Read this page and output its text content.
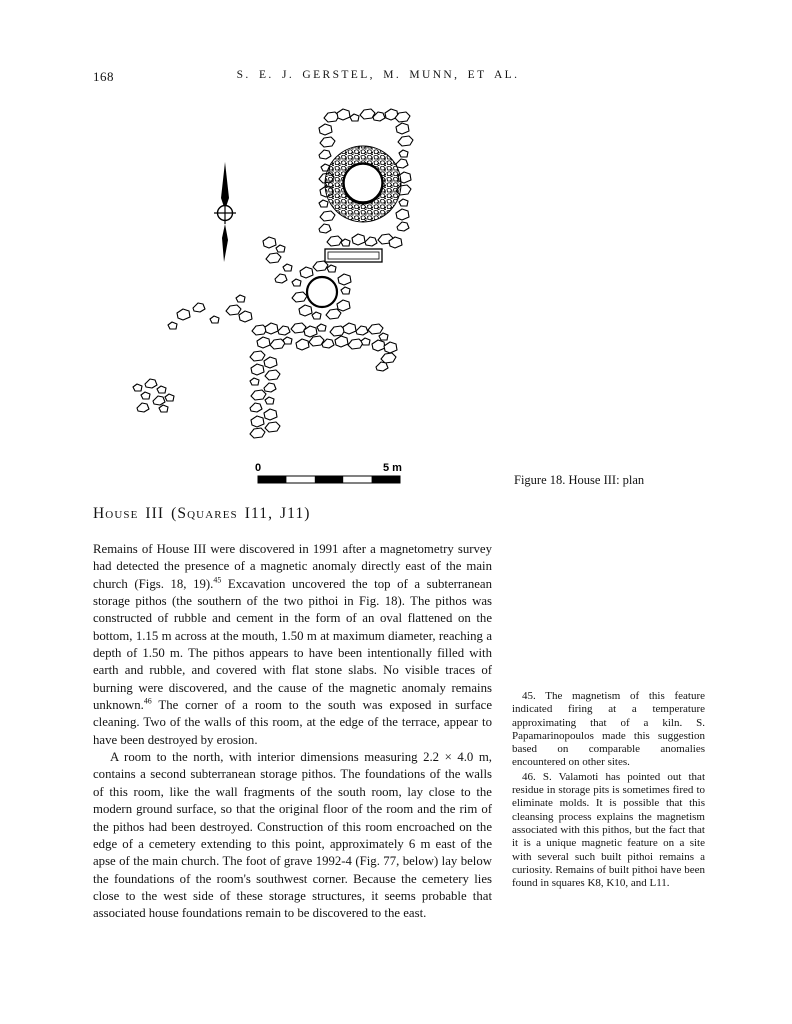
168	S. E. J. GERSTEL, M. MUNN, ET AL.
0	5 m
Figure 18. House III: plan
House III (Squares I11, J11)

Remains of House III were discovered in 1991 after a magnetometry survey had detected the presence of a magnetic anomaly directly east of the main church (Figs. 18, 19).$^{45}$ Excavation uncovered the top of a subterranean storage pithos (the southern of the two pithoi in Fig. 18). The pithos was constructed of rubble and cement in the form of an oval flattened on the bottom, 1.15 m across at the mouth, 1.50 m at maximum diameter, reaching a depth of 1.50 m. The pithos appears to have been intentionally filled with earth and rubble, and covered with flat stone slabs. No visible traces of burning were discovered, and the cause of the magnetic anomaly remains unknown.$^{46}$ The corner of a room to the south was exposed in surface cleaning. Two of the walls of this room, at the edge of the terrace, appear to have been destroyed by erosion.

A room to the north, with interior dimensions measuring 2.2 × 4.0 m, contains a second subterranean storage pithos. The foundations of the walls of this room, like the wall fragments of the south room, lay close to the modern ground surface, so that the original floor of the room and the rim of the pithos had been destroyed. Construction of this room encroached on the edge of a cemetery extending to this point, approximately 6 m east of the apse of the main church. The foot of grave 1992-4 (Fig. 77, below) lay below the foundations of the room's southwest corner. Because the cemetery lies close to the west side of these storage structures, it seems probable that associated house foundations remain to be discovered to the east.

45. The magnetism of this feature indicated firing at a temperature approximating that of a kiln. S. Papamarinopoulos made this suggestion based on comparable anomalies encountered on other sites.

46. S. Valamoti has pointed out that residue in storage pits is sometimes fired to eliminate molds. It is possible that this cleansing process explains the magnetism associated with this pithos, but the fact that it is a unique magnetic feature on a site with several such built pithoi remains a curiosity. Remains of built pithoi have been found in squares K8, K10, and L11.
